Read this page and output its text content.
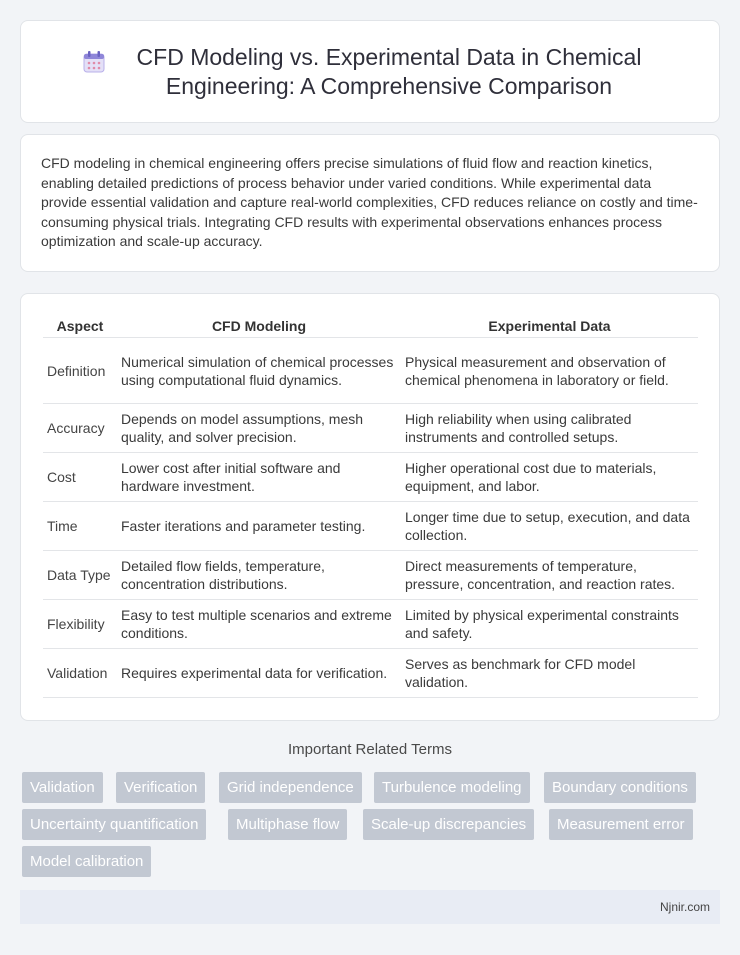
CFD Modeling vs. Experimental Data in Chemical Engineering: A Comprehensive Comparison

CFD modeling in chemical engineering offers precise simulations of fluid flow and reaction kinetics, enabling detailed predictions of process behavior under varied conditions. While experimental data provide essential validation and capture real-world complexities, CFD reduces reliance on costly and time-consuming physical trials. Integrating CFD results with experimental observations enhances process optimization and scale-up accuracy.

Aspect	CFD Modeling	Experimental Data
Definition	Numerical simulation of chemical processes using computational fluid dynamics.	Physical measurement and observation of chemical phenomena in laboratory or field.
Accuracy	Depends on model assumptions, mesh quality, and solver precision.	High reliability when using calibrated instruments and controlled setups.
Cost	Lower cost after initial software and hardware investment.	Higher operational cost due to materials, equipment, and labor.
Time	Faster iterations and parameter testing.	Longer time due to setup, execution, and data collection.
Data Type	Detailed flow fields, temperature, concentration distributions.	Direct measurements of temperature, pressure, concentration, and reaction rates.
Flexibility	Easy to test multiple scenarios and extreme conditions.	Limited by physical experimental constraints and safety.
Validation	Requires experimental data for verification.	Serves as benchmark for CFD model validation.
Important Related Terms
Validation	Verification	Grid independence	Turbulence modeling	Boundary conditions
Uncertainty quantification	Multiphase flow	Scale-up discrepancies	Measurement error
Model calibration
Njnir.com
